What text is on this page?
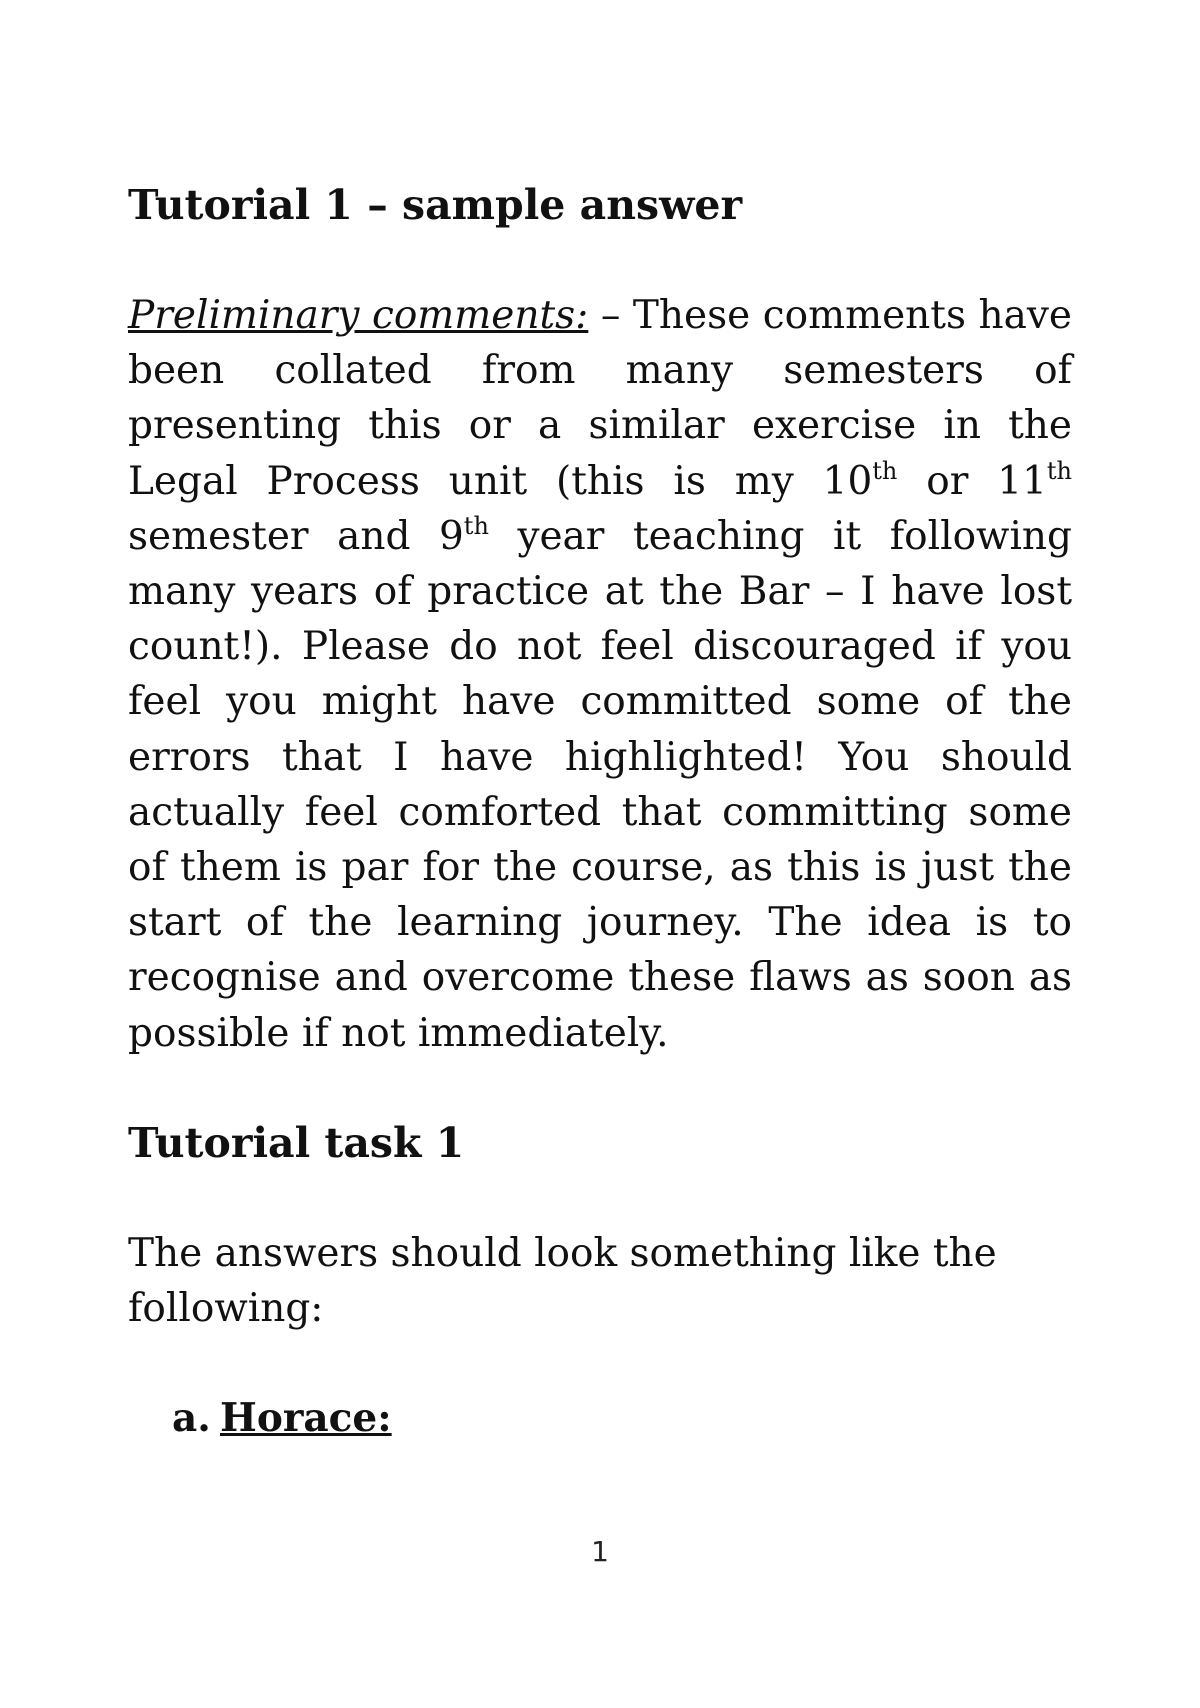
Tutorial 1 – sample answer

Preliminary comments: – These comments have been collated from many semesters of presenting this or a similar exercise in the Legal Process unit (this is my 10th or 11th semester and 9th year teaching it following many years of practice at the Bar – I have lost count!). Please do not feel discouraged if you feel you might have committed some of the errors that I have highlighted! You should actually feel comforted that committing some of them is par for the course, as this is just the start of the learning journey. The idea is to recognise and overcome these flaws as soon as possible if not immediately.

Tutorial task 1

The answers should look something like the following:

a. Horace:
1
